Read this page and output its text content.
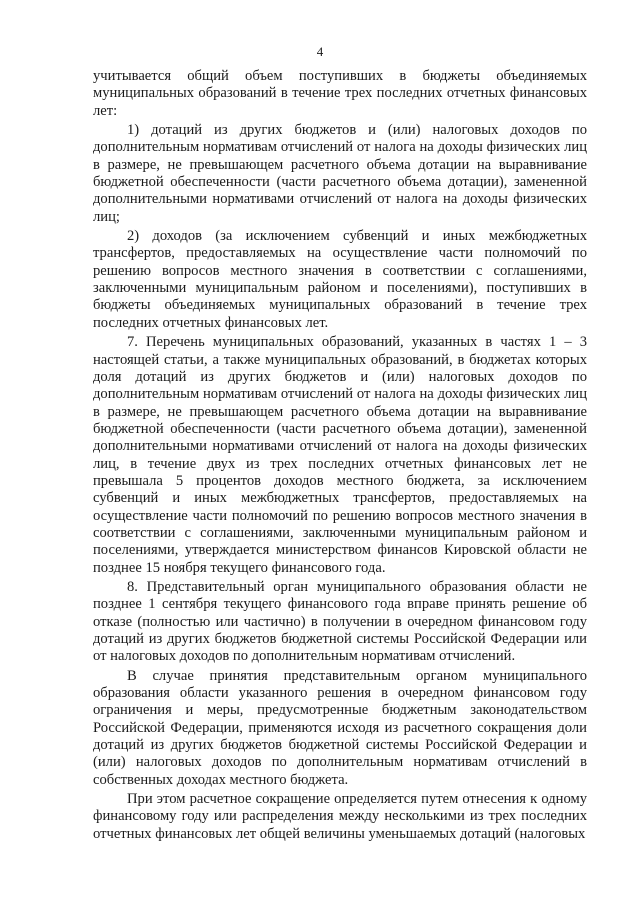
4

учитывается общий объем поступивших в бюджеты объединяемых муниципальных образований в течение трех последних отчетных финансовых лет:

1) дотаций из других бюджетов и (или) налоговых доходов по дополнительным нормативам отчислений от налога на доходы физических лиц в размере, не превышающем расчетного объема дотации на выравнивание бюджетной обеспеченности (части расчетного объема дотации), замененной дополнительными нормативами отчислений от налога на доходы физических лиц;

2) доходов (за исключением субвенций и иных межбюджетных трансфертов, предоставляемых на осуществление части полномочий по решению вопросов местного значения в соответствии с соглашениями, заключенными муниципальным районом и поселениями), поступивших в бюджеты объединяемых муниципальных образований в течение трех последних отчетных финансовых лет.

7. Перечень муниципальных образований, указанных в частях 1 – 3 настоящей статьи, а также муниципальных образований, в бюджетах которых доля дотаций из других бюджетов и (или) налоговых доходов по дополнительным нормативам отчислений от налога на доходы физических лиц в размере, не превышающем расчетного объема дотации на выравнивание бюджетной обеспеченности (части расчетного объема дотации), замененной дополнительными нормативами отчислений от налога на доходы физических лиц, в течение двух из трех последних отчетных финансовых лет не превышала 5 процентов доходов местного бюджета, за исключением субвенций и иных межбюджетных трансфертов, предоставляемых на осуществление части полномочий по решению вопросов местного значения в соответствии с соглашениями, заключенными муниципальным районом и поселениями, утверждается министерством финансов Кировской области не позднее 15 ноября текущего финансового года.

8. Представительный орган муниципального образования области не позднее 1 сентября текущего финансового года вправе принять решение об отказе (полностью или частично) в получении в очередном финансовом году дотаций из других бюджетов бюджетной системы Российской Федерации или от налоговых доходов по дополнительным нормативам отчислений.

В случае принятия представительным органом муниципального образования области указанного решения в очередном финансовом году ограничения и меры, предусмотренные бюджетным законодательством Российской Федерации, применяются исходя из расчетного сокращения доли дотаций из других бюджетов бюджетной системы Российской Федерации и (или) налоговых доходов по дополнительным нормативам отчислений в собственных доходах местного бюджета.

При этом расчетное сокращение определяется путем отнесения к одному финансовому году или распределения между несколькими из трех последних отчетных финансовых лет общей величины уменьшаемых дотаций (налоговых
